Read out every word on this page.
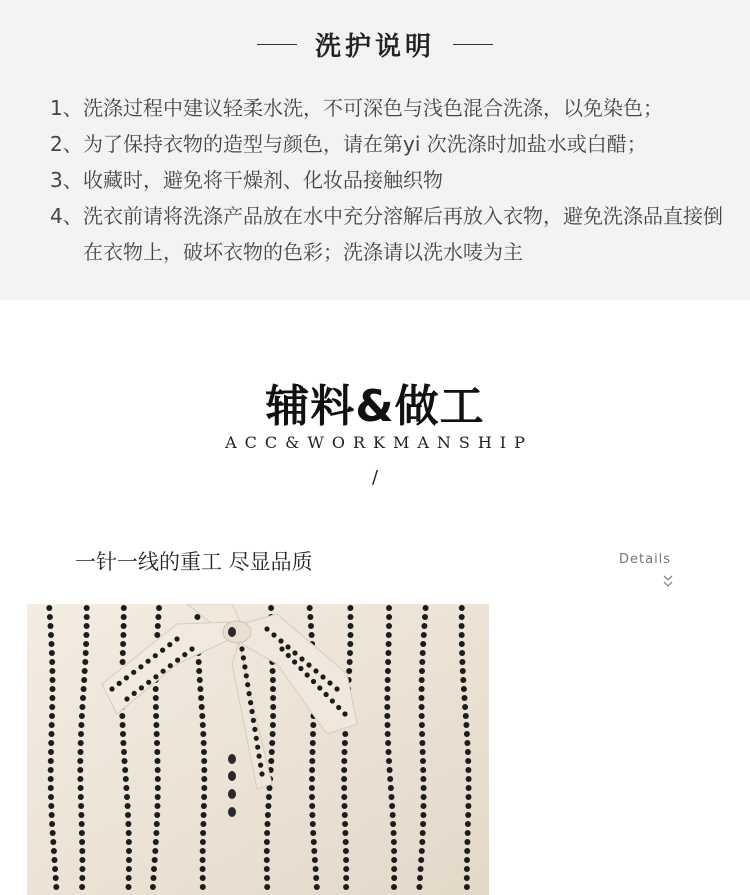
洗护说明
1、 洗涤过程中建议轻柔水洗，不可深色与浅色混合洗涤，以免染色；
2、 为了保持衣物的造型与颜色，请在第yi 次洗涤时加盐水或白醋；
3、 收藏时，避免将干燥剂、化妆品接触织物
4、 洗衣前请将洗涤产品放在水中充分溶解后再放入衣物，避免洗涤品直接倒在衣物上，破坏衣物的色彩；洗涤请以洗水唛为主
辅料&做工
ACC&WORKMANSHIP
/
一针一线的重工 尽显品质	Details
